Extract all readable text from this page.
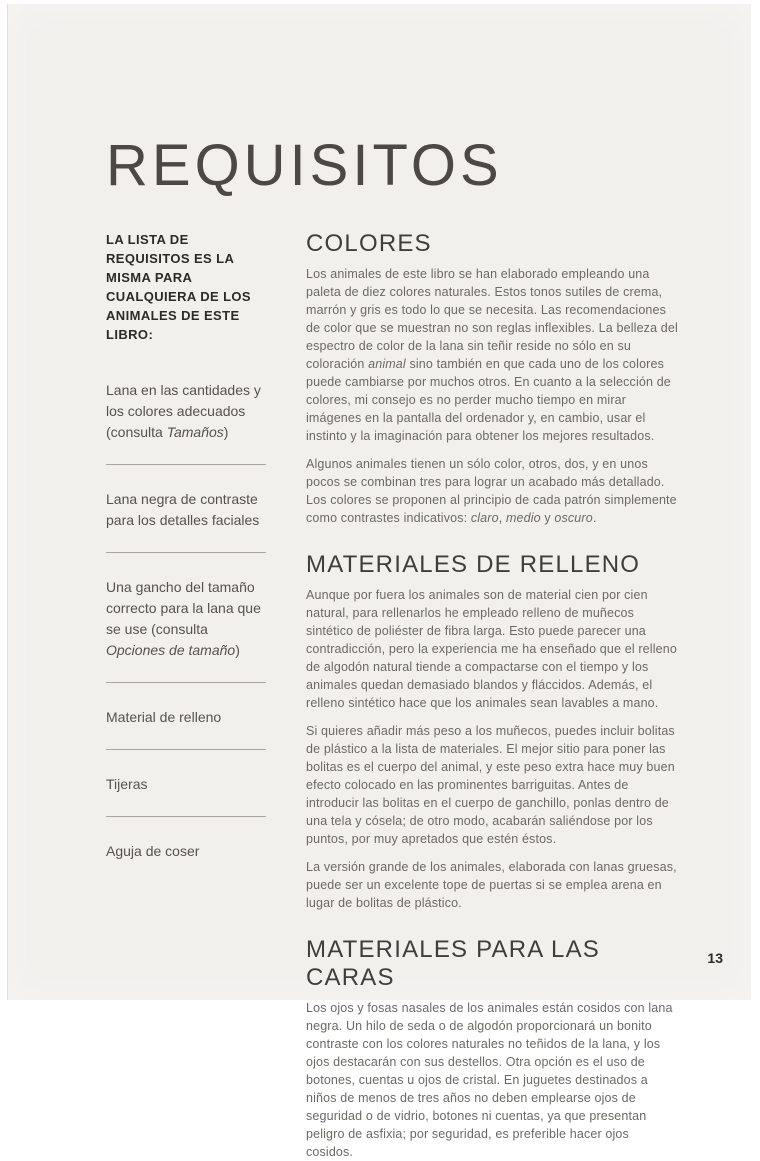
REQUISITOS
LA LISTA DE REQUISITOS ES LA MISMA PARA CUALQUIERA DE LOS ANIMALES DE ESTE LIBRO:
Lana en las cantidades y los colores adecuados (consulta Tamaños)
Lana negra de contraste para los detalles faciales
Una gancho del tamaño correcto para la lana que se use (consulta Opciones de tamaño)
Material de relleno
Tijeras
Aguja de coser
COLORES

Los animales de este libro se han elaborado empleando una paleta de diez colores naturales. Estos tonos sutiles de crema, marrón y gris es todo lo que se necesita. Las recomendaciones de color que se muestran no son reglas inflexibles. La belleza del espectro de color de la lana sin teñir reside no sólo en su coloración animal sino también en que cada uno de los colores puede cambiarse por muchos otros. En cuanto a la selección de colores, mi consejo es no perder mucho tiempo en mirar imágenes en la pantalla del ordenador y, en cambio, usar el instinto y la imaginación para obtener los mejores resultados.

Algunos animales tienen un sólo color, otros, dos, y en unos pocos se combinan tres para lograr un acabado más detallado. Los colores se proponen al principio de cada patrón simplemente como contrastes indicativos: claro, medio y oscuro.

MATERIALES DE RELLENO

Aunque por fuera los animales son de material cien por cien natural, para rellenarlos he empleado relleno de muñecos sintético de poliéster de fibra larga. Esto puede parecer una contradicción, pero la experiencia me ha enseñado que el relleno de algodón natural tiende a compactarse con el tiempo y los animales quedan demasiado blandos y fláccidos. Además, el relleno sintético hace que los animales sean lavables a mano.

Si quieres añadir más peso a los muñecos, puedes incluir bolitas de plástico a la lista de materiales. El mejor sitio para poner las bolitas es el cuerpo del animal, y este peso extra hace muy buen efecto colocado en las prominentes barriguitas. Antes de introducir las bolitas en el cuerpo de ganchillo, ponlas dentro de una tela y cósela; de otro modo, acabarán saliéndose por los puntos, por muy apretados que estén éstos.

La versión grande de los animales, elaborada con lanas gruesas, puede ser un excelente tope de puertas si se emplea arena en lugar de bolitas de plástico.

MATERIALES PARA LAS CARAS

Los ojos y fosas nasales de los animales están cosidos con lana negra. Un hilo de seda o de algodón proporcionará un bonito contraste con los colores naturales no teñidos de la lana, y los ojos destacarán con sus destellos. Otra opción es el uso de botones, cuentas u ojos de cristal. En juguetes destinados a niños de menos de tres años no deben emplearse ojos de seguridad o de vidrio, botones ni cuentas, ya que presentan peligro de asfixia; por seguridad, es preferible hacer ojos cosidos.

13
